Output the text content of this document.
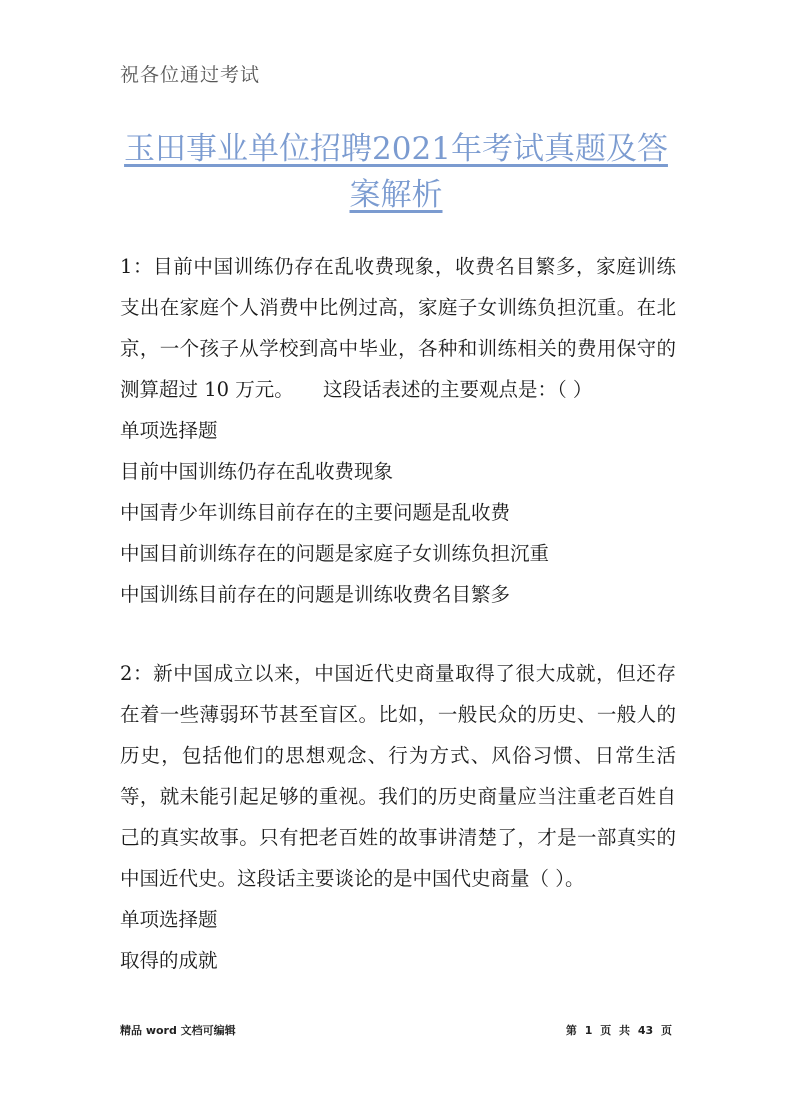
祝各位通过考试
玉田事业单位招聘2021年考试真题及答案解析

1：目前中国训练仍存在乱收费现象，收费名目繁多，家庭训练支出在家庭个人消费中比例过高，家庭子女训练负担沉重。在北京，一个孩子从学校到高中毕业，各种和训练相关的费用保守的测算超过 10 万元。　　这段话表述的主要观点是：（ ）

单项选择题

目前中国训练仍存在乱收费现象

中国青少年训练目前存在的主要问题是乱收费

中国目前训练存在的问题是家庭子女训练负担沉重

中国训练目前存在的问题是训练收费名目繁多

2：新中国成立以来，中国近代史商量取得了很大成就，但还存在着一些薄弱环节甚至盲区。比如，一般民众的历史、一般人的历史，包括他们的思想观念、行为方式、风俗习惯、日常生活等，就未能引起足够的重视。我们的历史商量应当注重老百姓自己的真实故事。只有把老百姓的故事讲清楚了，才是一部真实的中国近代史。这段话主要谈论的是中国代史商量（ ）。

单项选择题

取得的成就

精品 word 文档可编辑	第 1 页 共 43 页
